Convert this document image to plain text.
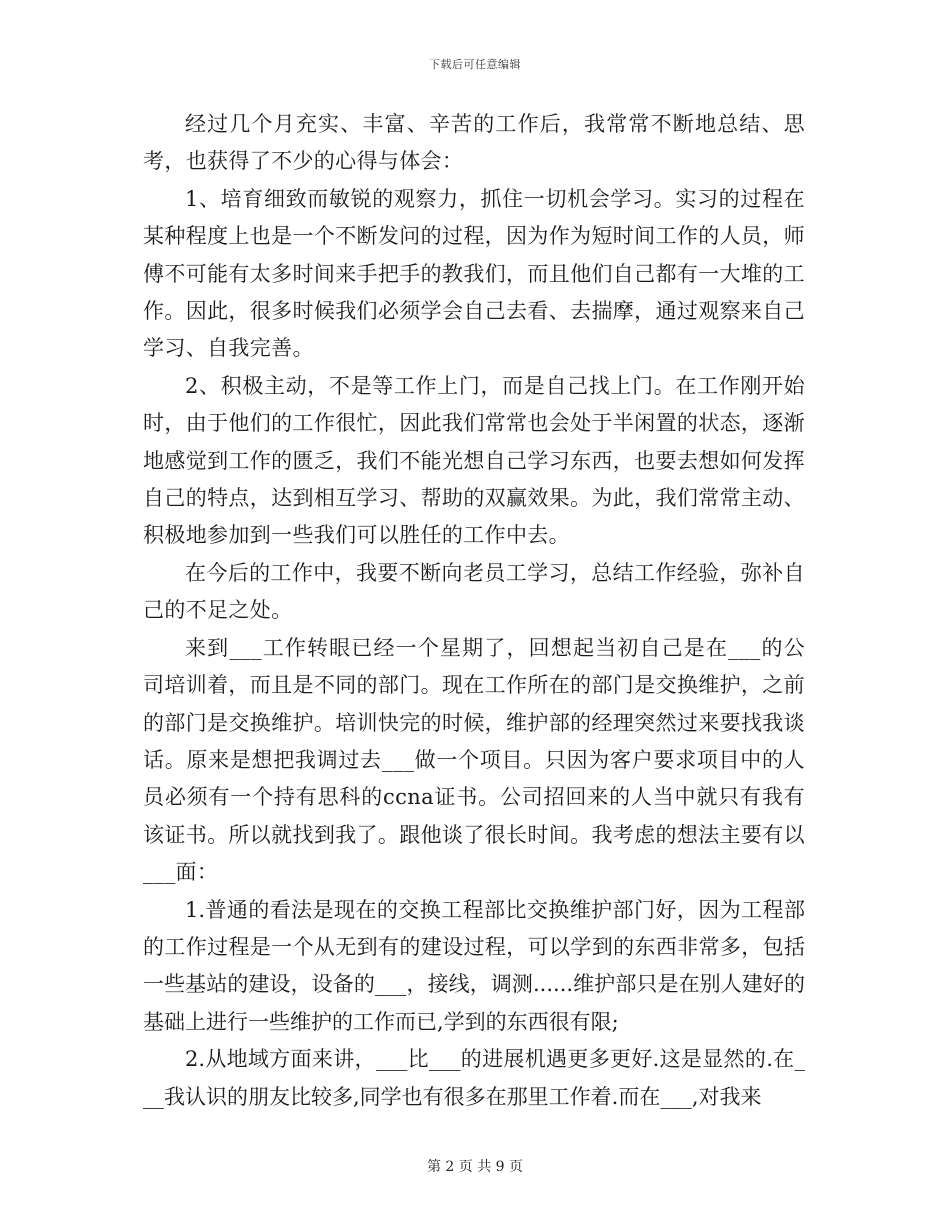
下载后可任意编辑

经过几个月充实、丰富、辛苦的工作后，我常常不断地总结、思考，也获得了不少的心得与体会：

1、培育细致而敏锐的观察力，抓住一切机会学习。实习的过程在某种程度上也是一个不断发问的过程，因为作为短时间工作的人员，师傅不可能有太多时间来手把手的教我们，而且他们自己都有一大堆的工作。因此，很多时候我们必须学会自己去看、去揣摩，通过观察来自己学习、自我完善。

2、积极主动，不是等工作上门，而是自己找上门。在工作刚开始时，由于他们的工作很忙，因此我们常常也会处于半闲置的状态，逐渐地感觉到工作的匮乏，我们不能光想自己学习东西，也要去想如何发挥自己的特点，达到相互学习、帮助的双赢效果。为此，我们常常主动、积极地参加到一些我们可以胜任的工作中去。

在今后的工作中，我要不断向老员工学习，总结工作经验，弥补自己的不足之处。

来到___工作转眼已经一个星期了，回想起当初自己是在___的公司培训着，而且是不同的部门。现在工作所在的部门是交换维护，之前的部门是交换维护。培训快完的时候，维护部的经理突然过来要找我谈话。原来是想把我调过去___做一个项目。只因为客户要求项目中的人员必须有一个持有思科的ccna证书。公司招回来的人当中就只有我有该证书。所以就找到我了。跟他谈了很长时间。我考虑的想法主要有以___面：

1.普通的看法是现在的交换工程部比交换维护部门好，因为工程部的工作过程是一个从无到有的建设过程，可以学到的东西非常多，包括一些基站的建设，设备的___，接线，调测......维护部只是在别人建好的基础上进行一些维护的工作而已,学到的东西很有限;

2.从地域方面来讲，___比___的进展机遇更多更好.这是显然的.在___我认识的朋友比较多,同学也有很多在那里工作着.而在___,对我来

第 2 页 共 9 页
